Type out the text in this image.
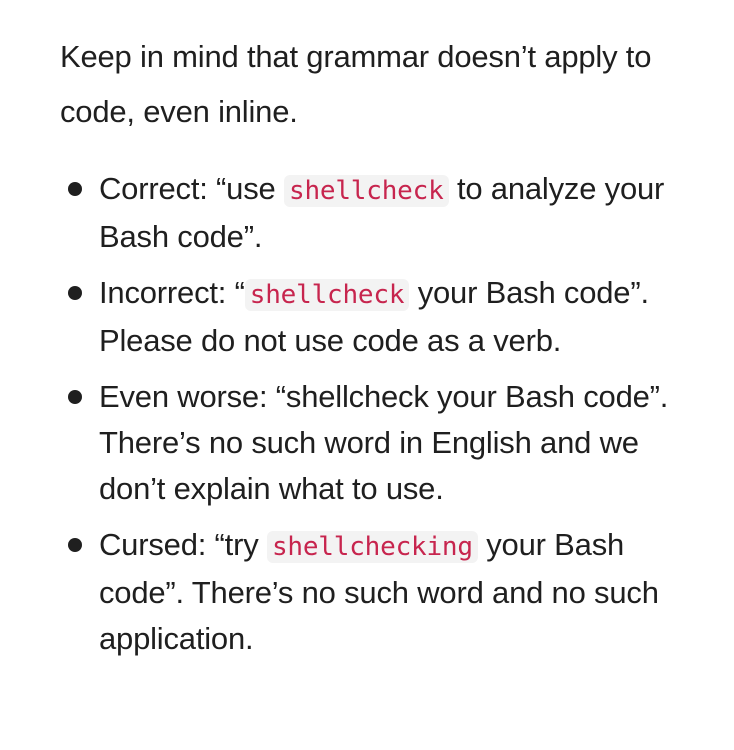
Keep in mind that grammar doesn’t apply to code, even inline.

Correct: “use shellcheck to analyze your Bash code”.
Incorrect: “ shellcheck your Bash code”. Please do not use code as a verb.
Even worse: “shellcheck your Bash code”. There’s no such word in English and we don’t explain what to use.
Cursed: “try shellchecking your Bash code”. There’s no such word and no such application.
